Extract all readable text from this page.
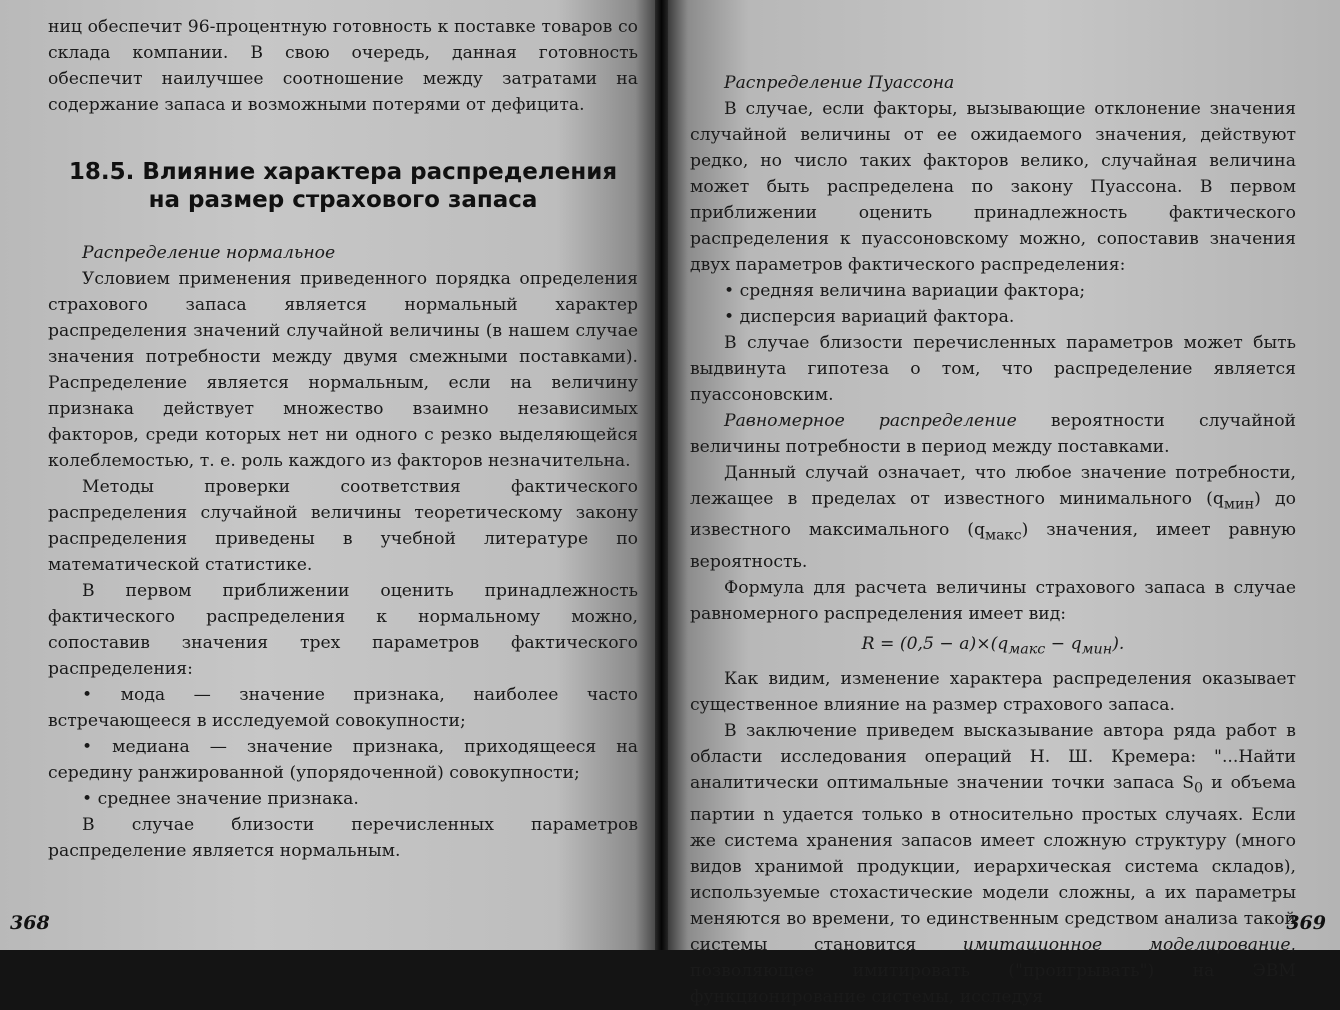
ниц обеспечит 96-процентную готовность к поставке товаров со склада компании. В свою очередь, данная готовность обеспечит наилучшее соотношение между затратами на содержание запаса и возможными потерями от дефицита.

18.5. Влияние характера распределения
на размер страхового запаса
Распределение нормальное

Условием применения приведенного порядка определения страхового запаса является нормальный характер распределения значений случайной величины (в нашем случае значения потребности между двумя смежными поставками). Распределение является нормальным, если на величину признака действует множество взаимно независимых факторов, среди которых нет ни одного с резко выделяющейся колеблемостью, т. е. роль каждого из факторов незначительна.

Методы проверки соответствия фактического распределения случайной величины теоретическому закону распределения приведены в учебной литературе по математической статистике.

В первом приближении оценить принадлежность фактического распределения к нормальному можно, сопоставив значения трех параметров фактического распределения:

• мода — значение признака, наиболее часто встречающееся в исследуемой совокупности;

• медиана — значение признака, приходящееся на середину ранжированной (упорядоченной) совокупности;

• среднее значение признака.

В случае близости перечисленных параметров распределение является нормальным.

368
Распределение Пуассона

В случае, если факторы, вызывающие отклонение значения случайной величины от ее ожидаемого значения, действуют редко, но число таких факторов велико, случайная величина может быть распределена по закону Пуассона. В первом приближении оценить принадлежность фактического распределения к пуассоновскому можно, сопоставив значения двух параметров фактического распределения:

• средняя величина вариации фактора;

• дисперсия вариаций фактора.

В случае близости перечисленных параметров может быть выдвинута гипотеза о том, что распределение является пуассоновским.

Равномерное распределение вероятности случайной величины потребности в период между поставками.

Данный случай означает, что любое значение потребности, лежащее в пределах от известного минимального $(q_{мин})$ до известного максимального $(q_{макс})$ значения, имеет равную вероятность.

Формула для расчета величины страхового запаса в случае равномерного распределения имеет вид:

$R = (0,5 - a)\times(q_{макс} - q_{мин})$.

Как видим, изменение характера распределения оказывает существенное влияние на размер страхового запаса.

В заключение приведем высказывание автора ряда работ в области исследования операций Н. Ш. Кремера: "...Найти аналитически оптимальные значении точки запаса $S_0$ и объема партии n удается только в относительно простых случаях. Если же система хранения запасов имеет сложную структуру (много видов хранимой продукции, иерархическая система складов), используемые стохастические модели сложны, а их параметры меняются во времени, то единственным средством анализа такой системы становится имитационное моделирование, позволяющее имитировать ("проигрывать") на ЭВМ функционирование системы, исследуя

369
